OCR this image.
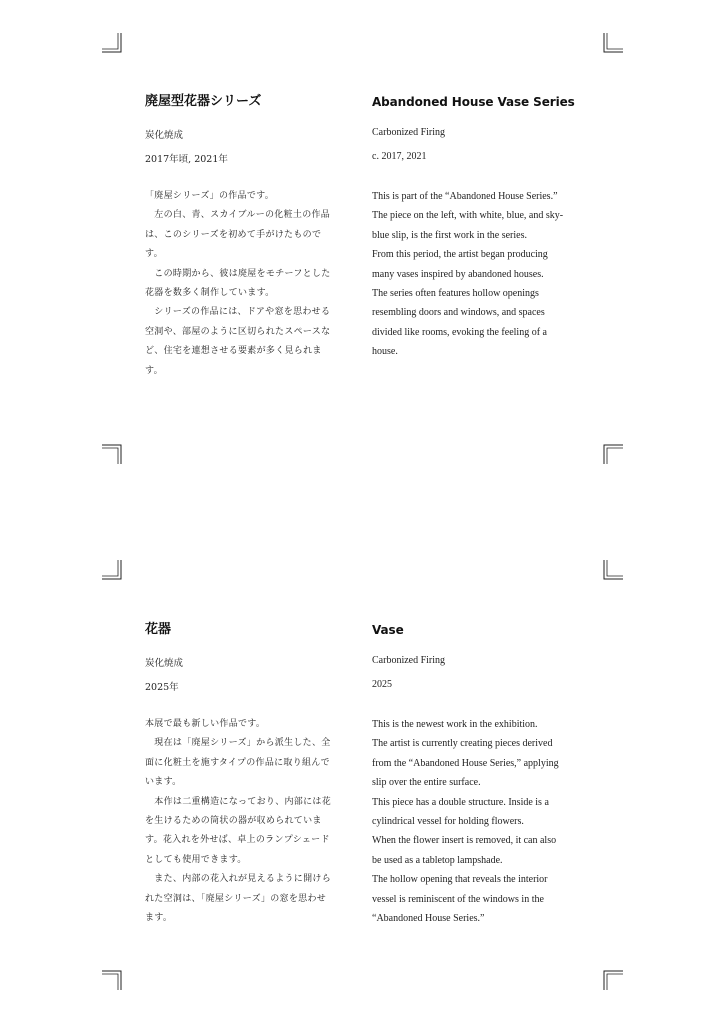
廃屋型花器シリーズ
炭化焼成
2017年頃, 2021年
「廃屋シリーズ」の作品です。
　左の白、青、スカイブルーの化粧土の作品
は、このシリーズを初めて手がけたもので
す。
　この時期から、彼は廃屋をモチーフとした
花器を数多く制作しています。
　シリーズの作品には、ドアや窓を思わせる
空洞や、部屋のように区切られたスペースな
ど、住宅を連想させる要素が多く見られま
す。
Abandoned House Vase Series
Carbonized Firing
c. 2017, 2021
This is part of the “Abandoned House Series.”
The piece on the left, with white, blue, and sky-
blue slip, is the first work in the series.
From this period, the artist began producing
many vases inspired by abandoned houses.
The series often features hollow openings
resembling doors and windows, and spaces
divided like rooms, evoking the feeling of a
house.
花器
炭化焼成
2025年
本展で最も新しい作品です。
　現在は「廃屋シリーズ」から派生した、全
面に化粧土を施すタイプの作品に取り組んで
います。
　本作は二重構造になっており、内部には花
を生けるための筒状の器が収められていま
す。花入れを外せば、卓上のランプシェード
としても使用できます。
　また、内部の花入れが見えるように開けら
れた空洞は、「廃屋シリーズ」の窓を思わせ
ます。
Vase
Carbonized Firing
2025
This is the newest work in the exhibition.
The artist is currently creating pieces derived
from the “Abandoned House Series,” applying
slip over the entire surface.
This piece has a double structure. Inside is a
cylindrical vessel for holding flowers.
When the flower insert is removed, it can also
be used as a tabletop lampshade.
The hollow opening that reveals the interior
vessel is reminiscent of the windows in the
“Abandoned House Series.”
